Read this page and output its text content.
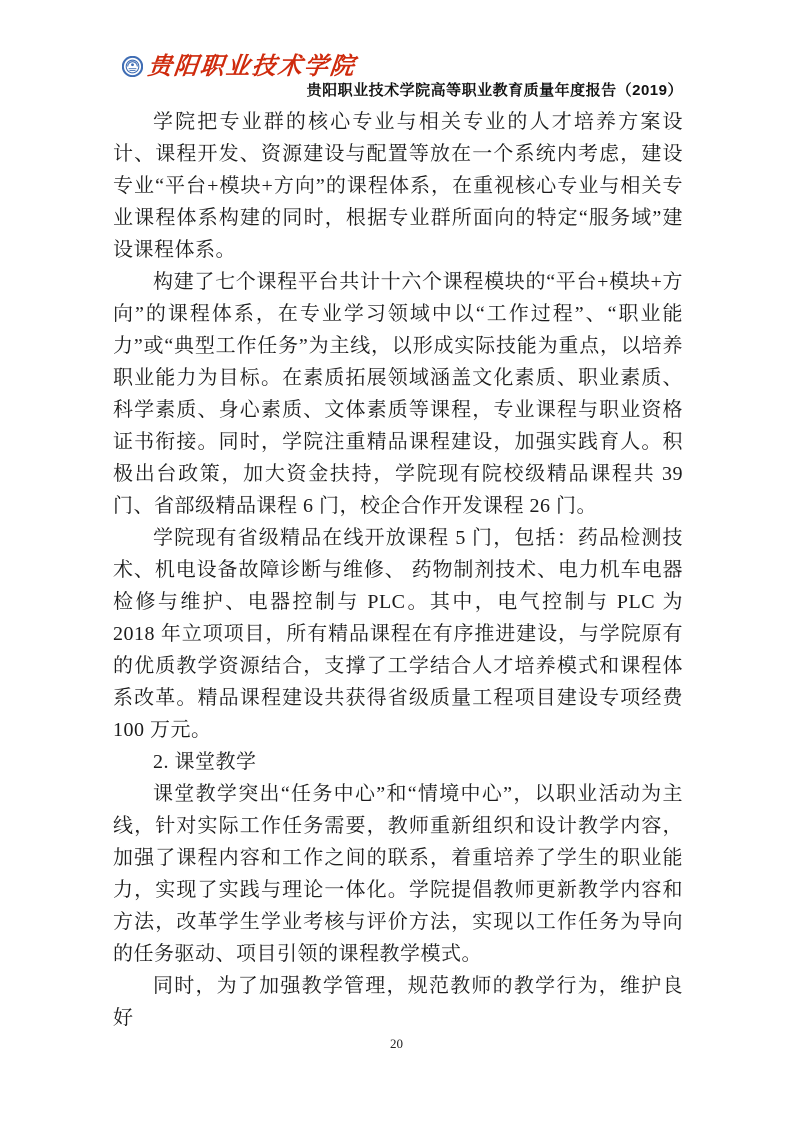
贵阳职业技术学院
贵阳职业技术学院高等职业教育质量年度报告（2019）

学院把专业群的核心专业与相关专业的人才培养方案设计、课程开发、资源建设与配置等放在一个系统内考虑，建设专业“平台+模块+方向”的课程体系，在重视核心专业与相关专业课程体系构建的同时，根据专业群所面向的特定“服务域”建设课程体系。

构建了七个课程平台共计十六个课程模块的“平台+模块+方向”的课程体系，在专业学习领域中以“工作过程”、“职业能力”或“典型工作任务”为主线，以形成实际技能为重点，以培养职业能力为目标。在素质拓展领域涵盖文化素质、职业素质、科学素质、身心素质、文体素质等课程，专业课程与职业资格证书衔接。同时，学院注重精品课程建设，加强实践育人。积极出台政策，加大资金扶持，学院现有院校级精品课程共 39 门、省部级精品课程 6 门，校企合作开发课程 26 门。

学院现有省级精品在线开放课程 5 门，包括：药品检测技术、机电设备故障诊断与维修、 药物制剂技术、电力机车电器检修与维护、电器控制与 PLC。其中，电气控制与 PLC 为 2018 年立项项目，所有精品课程在有序推进建设，与学院原有的优质教学资源结合，支撑了工学结合人才培养模式和课程体系改革。精品课程建设共获得省级质量工程项目建设专项经费 100 万元。

2. 课堂教学

课堂教学突出“任务中心”和“情境中心”，以职业活动为主线，针对实际工作任务需要，教师重新组织和设计教学内容，加强了课程内容和工作之间的联系，着重培养了学生的职业能力，实现了实践与理论一体化。学院提倡教师更新教学内容和方法，改革学生学业考核与评价方法，实现以工作任务为导向的任务驱动、项目引领的课程教学模式。

同时，为了加强教学管理，规范教师的教学行为，维护良好

20
